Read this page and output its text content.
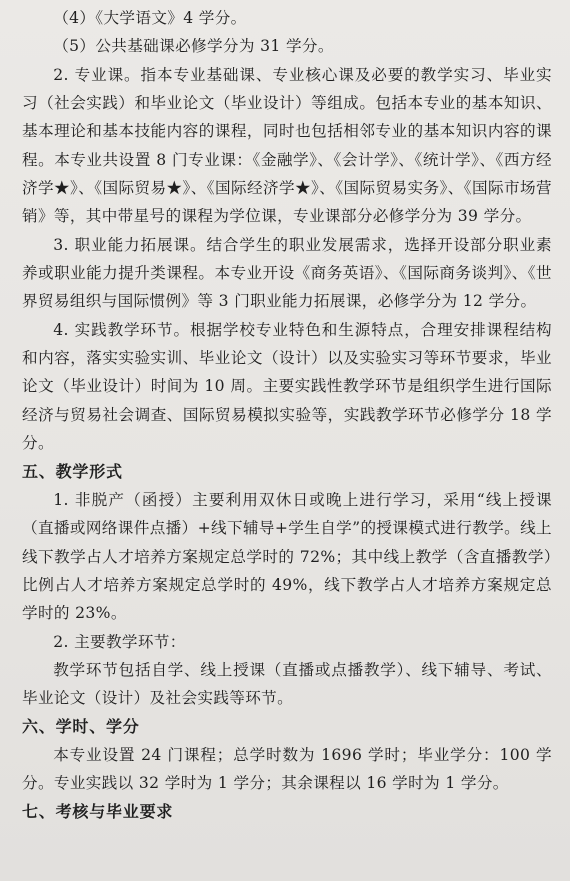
（4）《大学语文》4 学分。

（5）公共基础课必修学分为 31 学分。

2. 专业课。指本专业基础课、专业核心课及必要的教学实习、毕业实习（社会实践）和毕业论文（毕业设计）等组成。包括本专业的基本知识、基本理论和基本技能内容的课程，同时也包括相邻专业的基本知识内容的课程。本专业共设置 8 门专业课：《金融学》、《会计学》、《统计学》、《西方经济学★》、《国际贸易★》、《国际经济学★》、《国际贸易实务》、《国际市场营销》等，其中带星号的课程为学位课，专业课部分必修学分为 39 学分。

3. 职业能力拓展课。结合学生的职业发展需求，选择开设部分职业素养或职业能力提升类课程。本专业开设《商务英语》、《国际商务谈判》、《世界贸易组织与国际惯例》等 3 门职业能力拓展课，必修学分为 12 学分。

4. 实践教学环节。根据学校专业特色和生源特点，合理安排课程结构和内容，落实实验实训、毕业论文（设计）以及实验实习等环节要求，毕业论文（毕业设计）时间为 10 周。主要实践性教学环节是组织学生进行国际经济与贸易社会调查、国际贸易模拟实验等，实践教学环节必修学分 18 学分。

五、教学形式

1. 非脱产（函授）主要利用双休日或晚上进行学习，采用“线上授课（直播或网络课件点播）+线下辅导+学生自学”的授课模式进行教学。线上线下教学占人才培养方案规定总学时的 72%；其中线上教学（含直播教学）比例占人才培养方案规定总学时的 49%，线下教学占人才培养方案规定总学时的 23%。

2. 主要教学环节：

教学环节包括自学、线上授课（直播或点播教学）、线下辅导、考试、毕业论文（设计）及社会实践等环节。

六、学时、学分

本专业设置 24 门课程；总学时数为 1696 学时；毕业学分：100 学分。专业实践以 32 学时为 1 学分；其余课程以 16 学时为 1 学分。

七、考核与毕业要求
